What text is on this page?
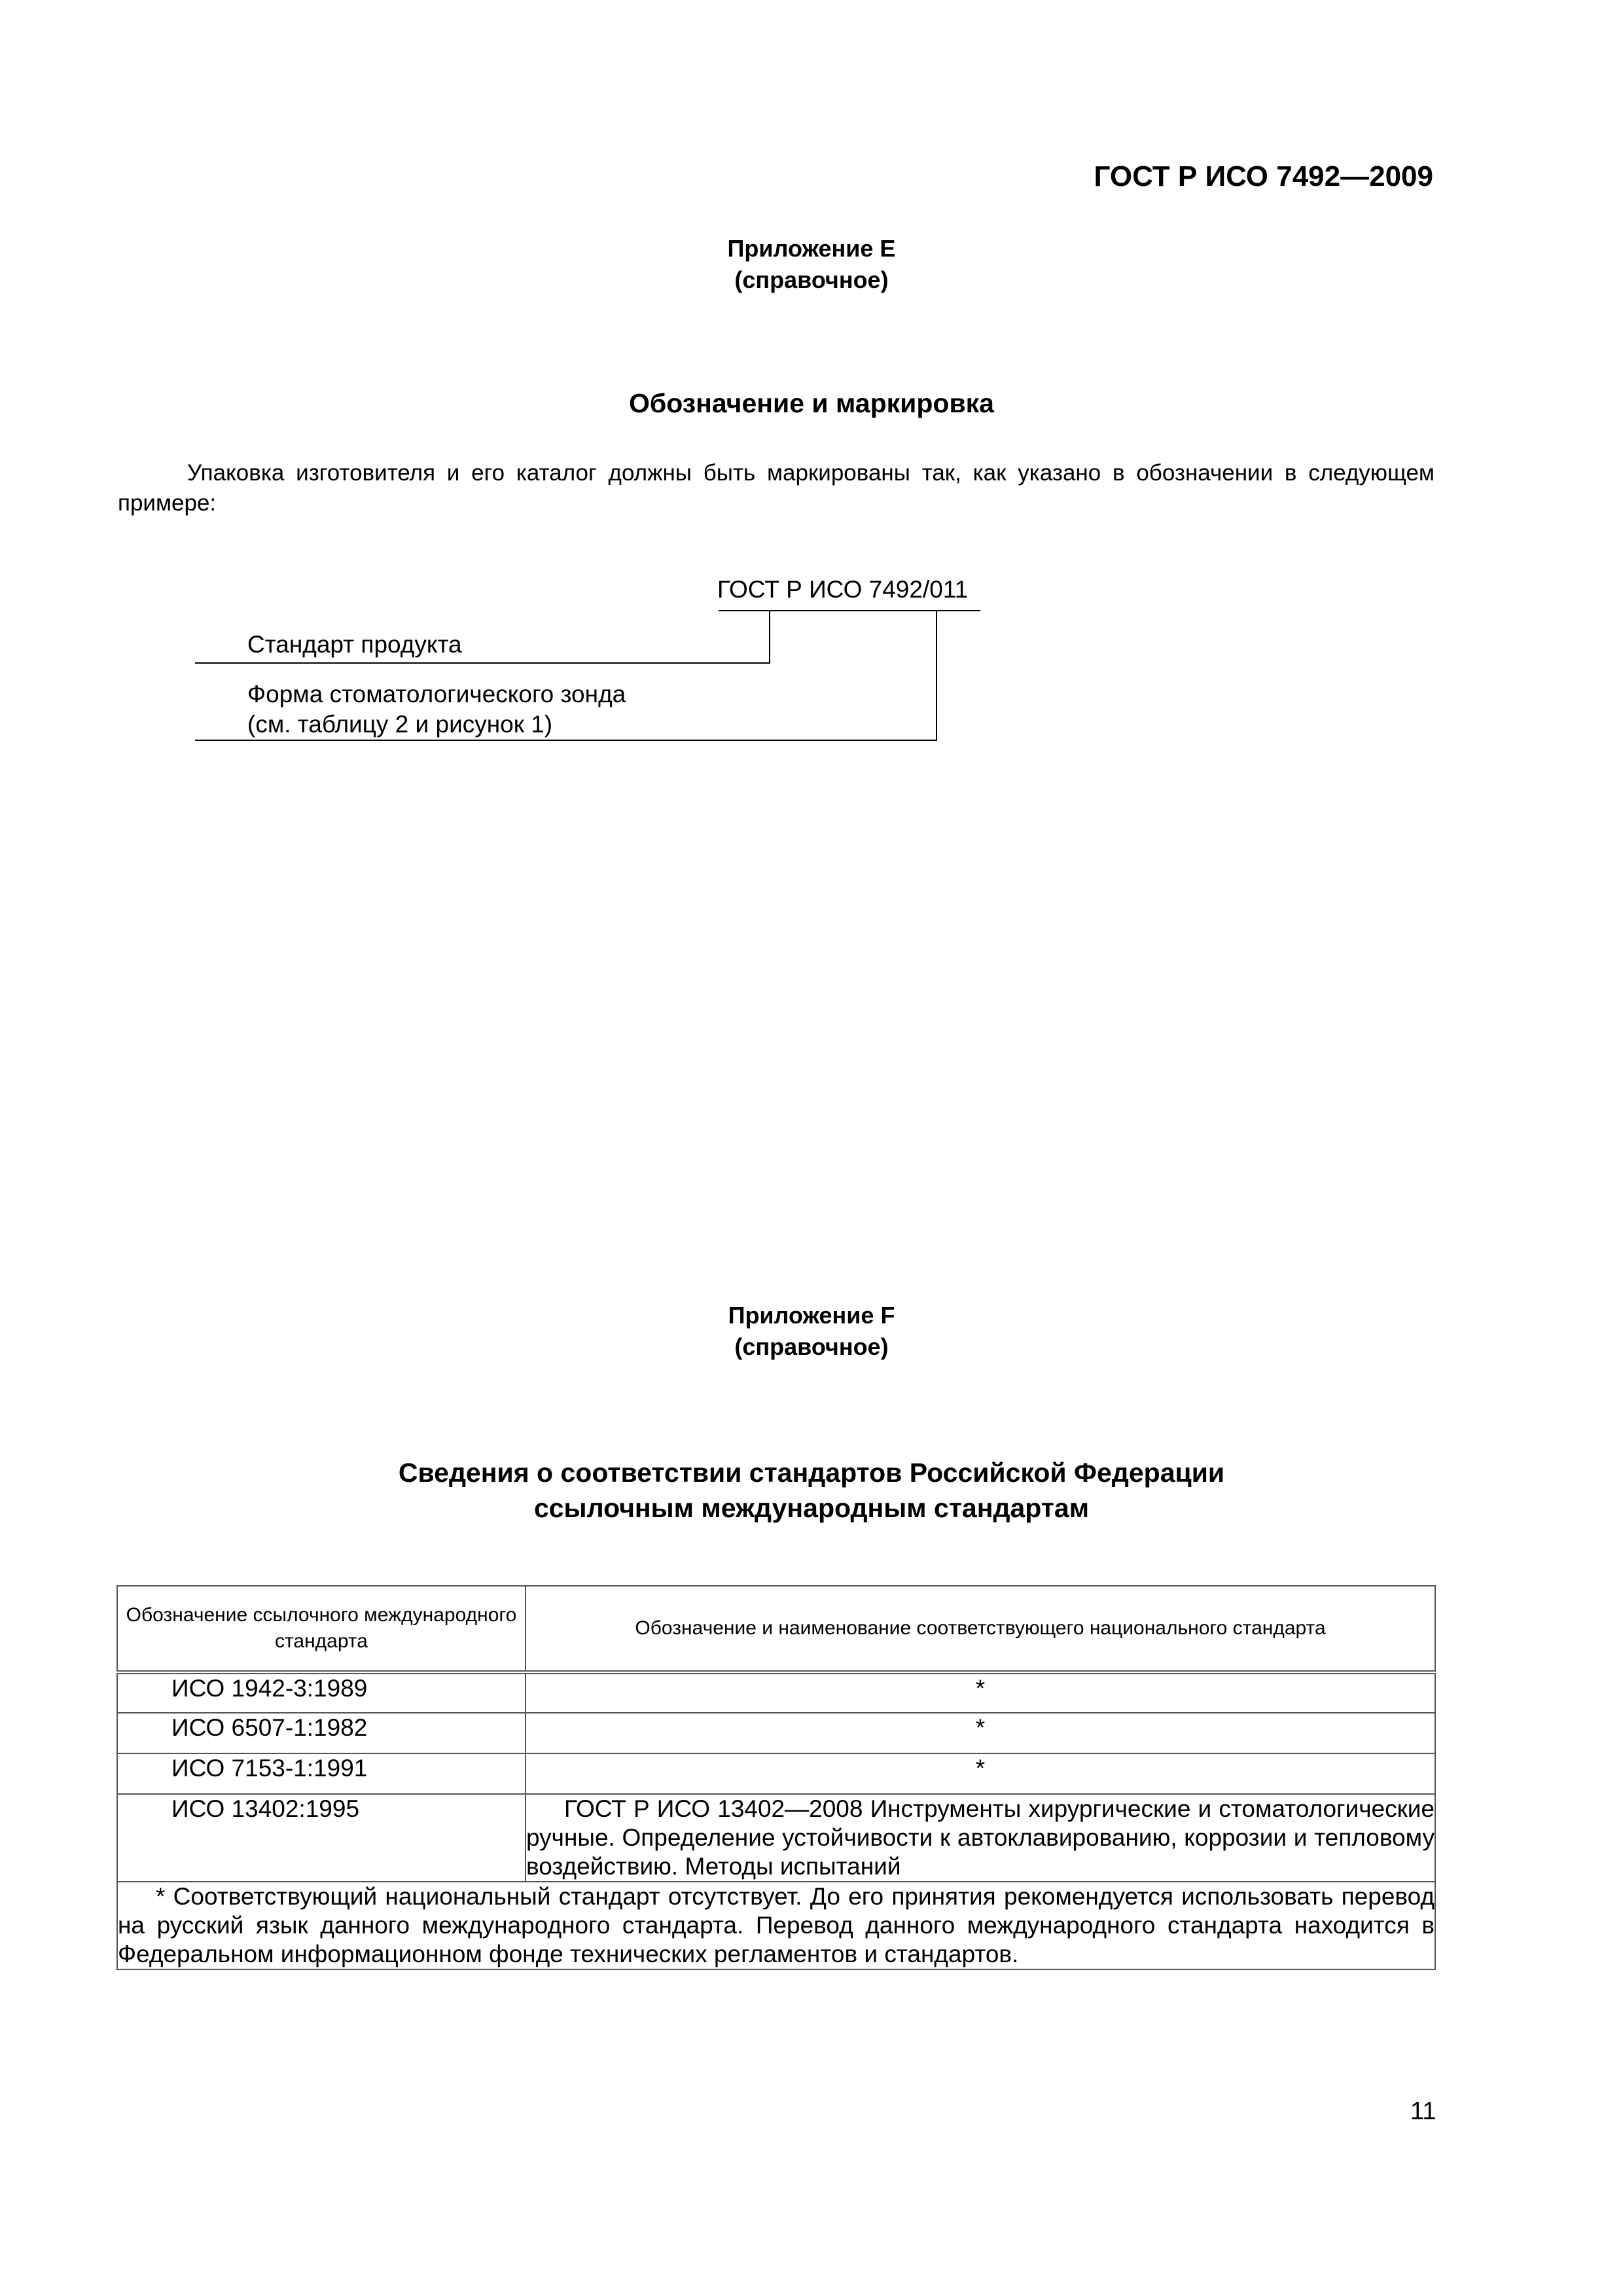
ГОСТ Р ИСО 7492—2009
Приложение E
(справочное)
Обозначение и маркировка
Упаковка изготовителя и его каталог должны быть маркированы так, как указано в обозначении в следующем примере:
ГОСТ Р ИСО 7492/011
Стандарт продукта
Форма стоматологического зонда
(см. таблицу 2 и рисунок 1)
Приложение F
(справочное)
Сведения о соответствии стандартов Российской Федерации
ссылочным международным стандартам
Обозначение ссылочного международного стандарта	Обозначение и наименование соответствующего национального стандарта
ИСО 1942-3:1989	*
ИСО 6507-1:1982	*
ИСО 7153-1:1991	*
ИСО 13402:1995	ГОСТ Р ИСО 13402—2008 Инструменты хирургические и стоматологические ручные. Определение устойчивости к автоклавированию, коррозии и тепловому воздействию. Методы испытаний
* Соответствующий национальный стандарт отсутствует. До его принятия рекомендуется использовать перевод на русский язык данного международного стандарта. Перевод данного международного стандарта находится в Федеральном информационном фонде технических регламентов и стандартов.	
11
